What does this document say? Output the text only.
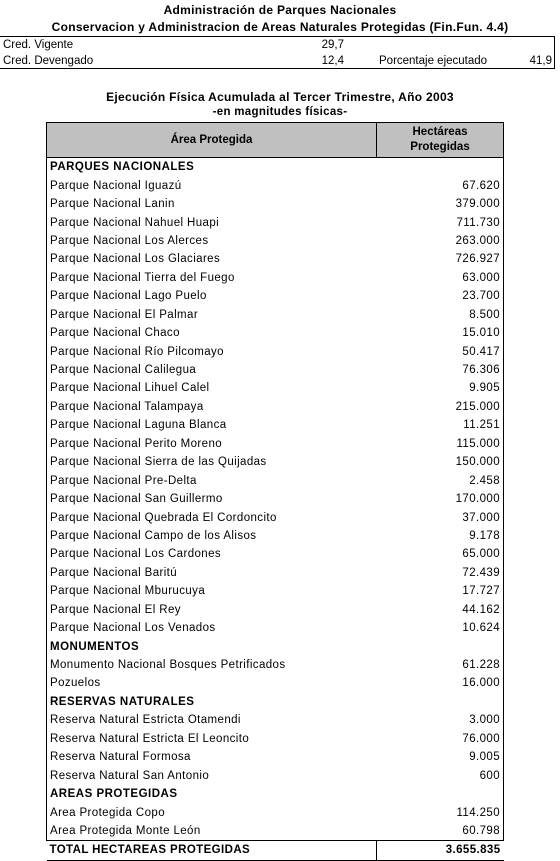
Administración de Parques Nacionales
Conservacion y Administracion de Areas Naturales Protegidas (Fin.Fun. 4.4)
Cred. Vigente	29,7
Cred. Devengado	12,4	Porcentaje ejecutado	41,9
Ejecución Física Acumulada al Tercer Trimestre, Año 2003
-en magnitudes físicas-
Área Protegida	Hectáreas
Protegidas

PARQUES NACIONALES	
Parque Nacional Iguazú	67.620
Parque Nacional Lanin	379.000
Parque Nacional Nahuel Huapi	711.730
Parque Nacional Los Alerces	263.000
Parque Nacional Los Glaciares	726.927
Parque Nacional Tierra del Fuego	63.000
Parque Nacional Lago Puelo	23.700
Parque Nacional El Palmar	8.500
Parque Nacional Chaco	15.010
Parque Nacional Río Pilcomayo	50.417
Parque Nacional Calilegua	76.306
Parque Nacional Lihuel Calel	9.905
Parque Nacional Talampaya	215.000
Parque Nacional Laguna Blanca	11.251
Parque Nacional Perito Moreno	115.000
Parque Nacional Sierra de las Quijadas	150.000
Parque Nacional Pre-Delta	2.458
Parque Nacional San Guillermo	170.000
Parque Nacional Quebrada El Cordoncito	37.000
Parque Nacional Campo de los Alisos	9.178
Parque Nacional Los Cardones	65.000
Parque Nacional Baritú	72.439
Parque Nacional Mburucuya	17.727
Parque Nacional El Rey	44.162
Parque Nacional Los Venados	10.624
MONUMENTOS	
Monumento Nacional Bosques Petrificados	61.228
Pozuelos	16.000
RESERVAS NATURALES	
Reserva Natural Estricta Otamendi	3.000
Reserva Natural Estricta El Leoncito	76.000
Reserva Natural Formosa	9.005
Reserva Natural San Antonio	600
AREAS PROTEGIDAS	
Area Protegida Copo	114.250
Area Protegida Monte León	60.798
TOTAL HECTAREAS PROTEGIDAS	3.655.835
